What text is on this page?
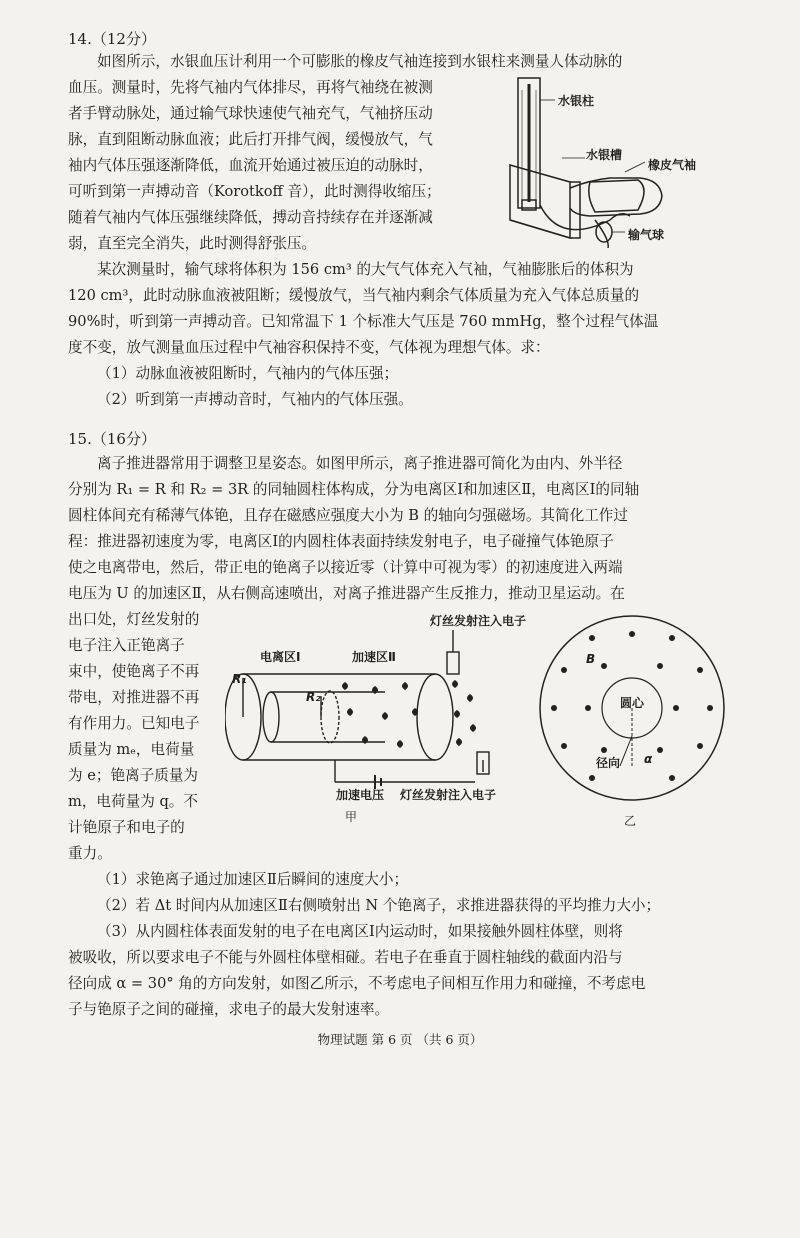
14.（12分）
如图所示，水银血压计利用一个可膨胀的橡皮气袖连接到水银柱来测量人体动脉的
血压。测量时，先将气袖内气体排尽，再将气袖绕在被测
者手臂动脉处，通过输气球快速使气袖充气，气袖挤压动
脉，直到阻断动脉血液；此后打开排气阀，缓慢放气，气
袖内气体压强逐渐降低，血流开始通过被压迫的动脉时，
可听到第一声搏动音（Korotkoff 音），此时测得收缩压；
随着气袖内气体压强继续降低，搏动音持续存在并逐渐减
弱，直至完全消失，此时测得舒张压。
某次测量时，输气球将体积为 156 cm³ 的大气气体充入气袖，气袖膨胀后的体积为
120 cm³，此时动脉血液被阻断；缓慢放气，当气袖内剩余气体质量为充入气体总质量的
90%时，听到第一声搏动音。已知常温下 1 个标准大气压是 760 mmHg，整个过程气体温
度不变，放气测量血压过程中气袖容积保持不变，气体视为理想气体。求：
（1）动脉血液被阻断时，气袖内的气体压强；
（2）听到第一声搏动音时，气袖内的气体压强。
水银柱
水银槽
橡皮气袖
输气球
15.（16分）
离子推进器常用于调整卫星姿态。如图甲所示，离子推进器可简化为由内、外半径
分别为 R₁ = R 和 R₂ = 3R 的同轴圆柱体构成，分为电离区Ⅰ和加速区Ⅱ，电离区Ⅰ的同轴
圆柱体间充有稀薄气体铯，且存在磁感应强度大小为 B 的轴向匀强磁场。其简化工作过
程：推进器初速度为零，电离区Ⅰ的内圆柱体表面持续发射电子，电子碰撞气体铯原子
使之电离带电，然后，带正电的铯离子以接近零（计算中可视为零）的初速度进入两端
电压为 U 的加速区Ⅱ，从右侧高速喷出，对离子推进器产生反推力，推动卫星运动。在
出口处，灯丝发射的
电子注入正铯离子
束中，使铯离子不再
带电，对推进器不再
有作用力。已知电子
质量为 mₑ，电荷量
为 e；铯离子质量为
m，电荷量为 q。不
计铯原子和电子的
重力。
（1）求铯离子通过加速区Ⅱ后瞬间的速度大小；
（2）若 Δt 时间内从加速区Ⅱ右侧喷射出 N 个铯离子，求推进器获得的平均推力大小；
（3）从内圆柱体表面发射的电子在电离区Ⅰ内运动时，如果接触外圆柱体壁，则将
被吸收，所以要求电子不能与外圆柱体壁相碰。若电子在垂直于圆柱轴线的截面内沿与
径向成 α = 30° 角的方向发射，如图乙所示，不考虑电子间相互作用力和碰撞，不考虑电
子与铯原子之间的碰撞，求电子的最大发射速率。
灯丝发射注入电子
电离区Ⅰ	加速区Ⅱ
R₁
R₂
加速电压 灯丝发射注入电子
甲
B
圆心
径向 α
乙
物理试题 第 6 页 （共 6 页）
